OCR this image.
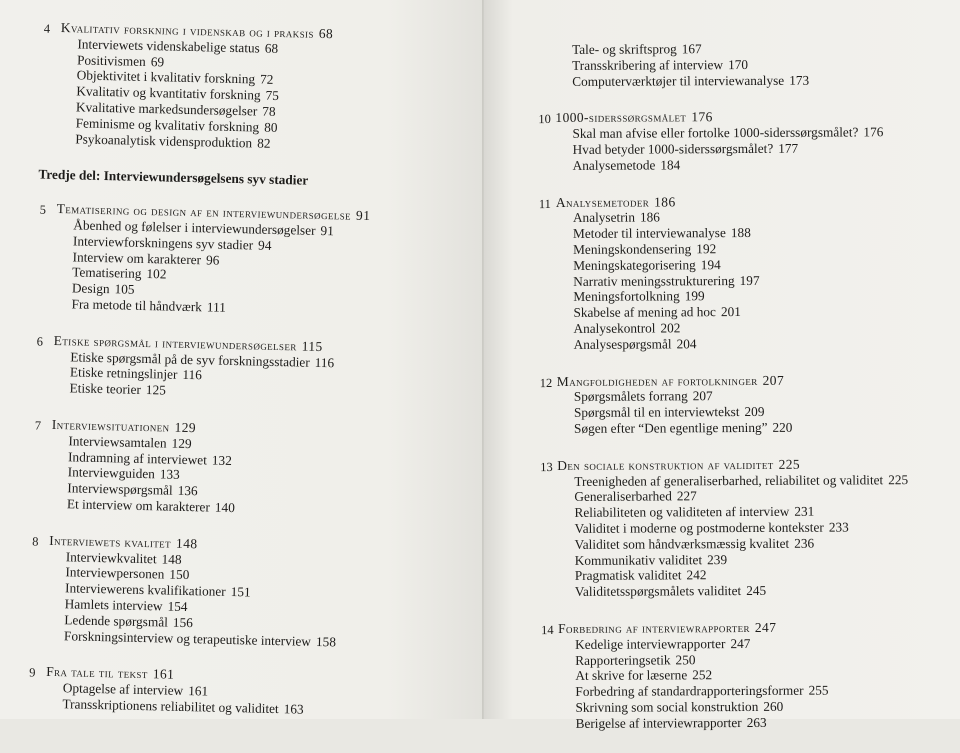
4 Kvalitativ forskning i videnskab og i praksis 68
Interviewets videnskabelige status 68
Positivismen 69
Objektivitet i kvalitativ forskning 72
Kvalitativ og kvantitativ forskning 75
Kvalitative markedsundersøgelser 78
Feminisme og kvalitativ forskning 80
Psykoanalytisk vidensproduktion 82
Tredje del: Interviewundersøgelsens syv stadier
5 Tematisering og design af en interviewundersøgelse 91
Åbenhed og følelser i interviewundersøgelser 91
Interviewforskningens syv stadier 94
Interview om karakterer 96
Tematisering 102
Design 105
Fra metode til håndværk 111
6 Etiske spørgsmål i interviewundersøgelser 115
Etiske spørgsmål på de syv forskningsstadier 116
Etiske retningslinjer 116
Etiske teorier 125
7 Interviewsituationen 129
Interviewsamtalen 129
Indramning af interviewet 132
Interviewguiden 133
Interviewspørgsmål 136
Et interview om karakterer 140
8 Interviewets kvalitet 148
Interviewkvalitet 148
Interviewpersonen 150
Interviewerens kvalifikationer 151
Hamlets interview 154
Ledende spørgsmål 156
Forskningsinterview og terapeutiske interview 158
9 Fra tale til tekst 161
Optagelse af interview 161
Transskriptionens reliabilitet og validitet 163
Tale- og skriftsprog 167
Transskribering af interview 170
Computerværktøjer til interviewanalyse 173
10 1000-siderssørgsmålet 176
Skal man afvise eller fortolke 1000-siderssørgsmålet? 176
Hvad betyder 1000-siderssørgsmålet? 177
Analysemetode 184
11 Analysemetoder 186
Analysetrin 186
Metoder til interviewanalyse 188
Meningskondensering 192
Meningskategorisering 194
Narrativ meningsstrukturering 197
Meningsfortolkning 199
Skabelse af mening ad hoc 201
Analysekontrol 202
Analysespørgsmål 204
12 Mangfoldigheden af fortolkninger 207
Spørgsmålets forrang 207
Spørgsmål til en interviewtekst 209
Søgen efter “Den egentlige mening” 220
13 Den sociale konstruktion af validitet 225
Treenigheden af generaliserbarhed, reliabilitet og validitet 225
Generaliserbarhed 227
Reliabiliteten og validiteten af interview 231
Validitet i moderne og postmoderne kontekster 233
Validitet som håndværksmæssig kvalitet 236
Kommunikativ validitet 239
Pragmatisk validitet 242
Validitetsspørgsmålets validitet 245
14 Forbedring af interviewrapporter 247
Kedelige interviewrapporter 247
Rapporteringsetik 250
At skrive for læserne 252
Forbedring af standardrapporteringsformer 255
Skrivning som social konstruktion 260
Berigelse af interviewrapporter 263
